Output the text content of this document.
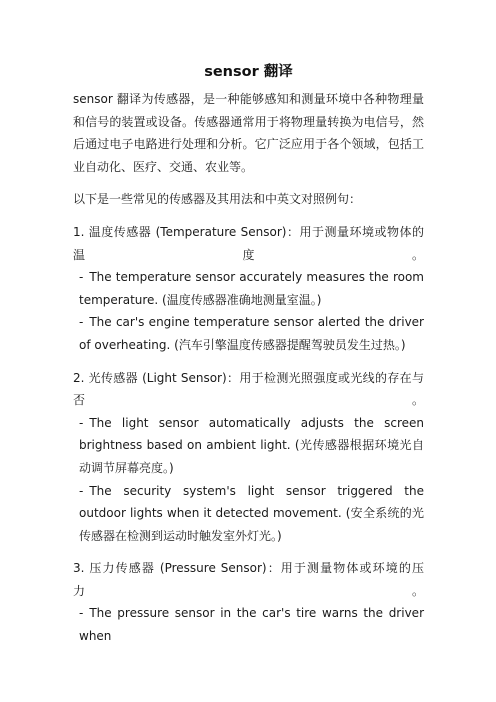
sensor 翻译

sensor 翻译为传感器，是一种能够感知和测量环境中各种物理量和信号的装置或设备。传感器通常用于将物理量转换为电信号，然后通过电子电路进行处理和分析。它广泛应用于各个领域，包括工业自动化、医疗、交通、农业等。

以下是一些常见的传感器及其用法和中英文对照例句：

1. 温度传感器 (Temperature Sensor)：用于测量环境或物体的温度。

- The temperature sensor accurately measures the room temperature. (温度传感器准确地测量室温。)

- The car's engine temperature sensor alerted the driver of overheating. (汽车引擎温度传感器提醒驾驶员发生过热。)

2. 光传感器 (Light Sensor)：用于检测光照强度或光线的存在与否。

- The light sensor automatically adjusts the screen brightness based on ambient light. (光传感器根据环境光自动调节屏幕亮度。)

- The security system's light sensor triggered the outdoor lights when it detected movement. (安全系统的光传感器在检测到运动时触发室外灯光。)

3. 压力传感器 (Pressure Sensor)：用于测量物体或环境的压力。

- The pressure sensor in the car's tire warns the driver when
